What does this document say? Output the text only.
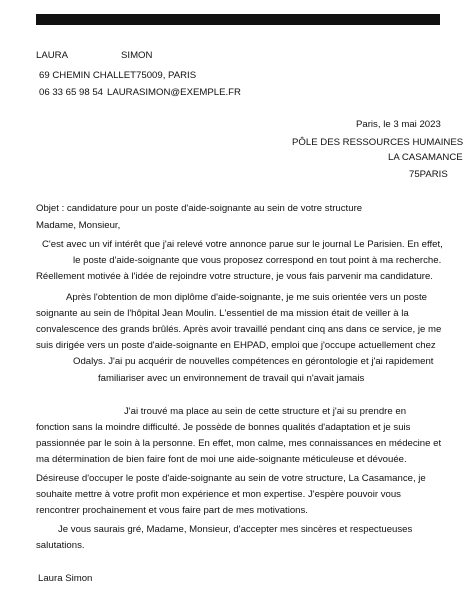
LAURA	SIMON
69 CHEMIN CHALLET75009, PARIS
06 33 65 98 54 LAURASIMON@EXEMPLE.FR
Paris, le 3 mai 2023
PÔLE DES RESSOURCES HUMAINES
LA CASAMANCE
75PARIS
Objet : candidature pour un poste d'aide-soignante au sein de votre structure
Madame, Monsieur,
C'est avec un vif intérêt que j'ai relevé votre annonce parue sur le journal Le Parisien. En effet,
le poste d'aide-soignante que vous proposez correspond en tout point à ma recherche.
Réellement motivée à l'idée de rejoindre votre structure, je vous fais parvenir ma candidature.
Après l'obtention de mon diplôme d'aide-soignante, je me suis orientée vers un poste
soignante au sein de l'hôpital Jean Moulin. L'essentiel de ma mission était de veiller à la
convalescence des grands brûlés. Après avoir travaillé pendant cinq ans dans ce service, je me
suis dirigée vers un poste d'aide-soignante en EHPAD, emploi que j'occupe actuellement chez
Odalys. J'ai pu acquérir de nouvelles compétences en gérontologie et j'ai rapidement
familiariser avec un environnement de travail qui n'avait jamais
J'ai trouvé ma place au sein de cette structure et j'ai su prendre en
fonction sans la moindre difficulté. Je possède de bonnes qualités d'adaptation et je suis
passionnée par le soin à la personne. En effet, mon calme, mes connaissances en médecine et
ma détermination de bien faire font de moi une aide-soignante méticuleuse et dévouée.
Désireuse d'occuper le poste d'aide-soignante au sein de votre structure, La Casamance, je
souhaite mettre à votre profit mon expérience et mon expertise. J'espère pouvoir vous
rencontrer prochainement et vous faire part de mes motivations.
Je vous saurais gré, Madame, Monsieur, d'accepter mes sincères et respectueuses
salutations.
Laura Simon
